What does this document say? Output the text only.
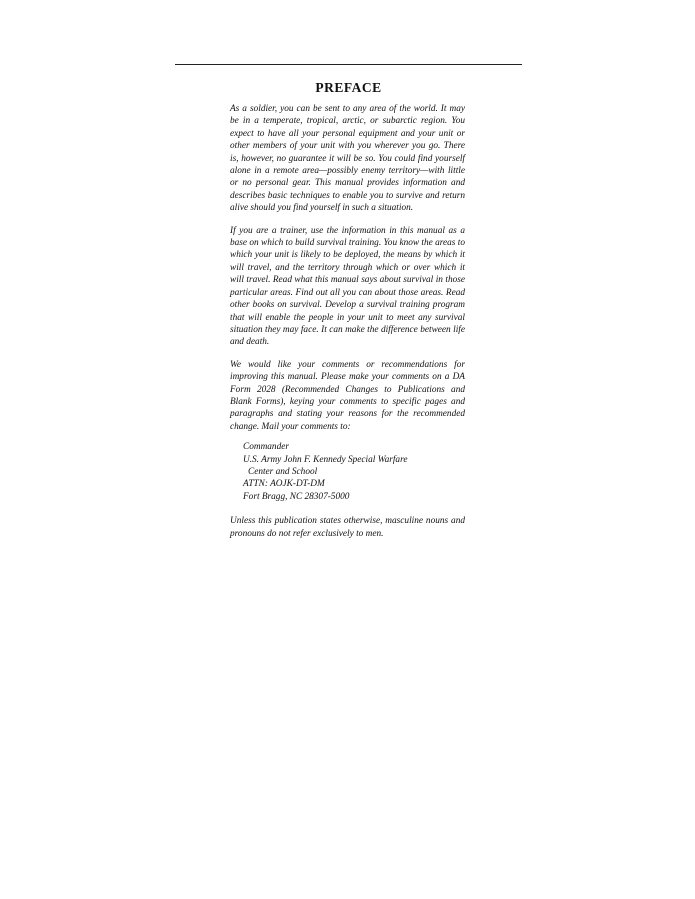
PREFACE

As a soldier, you can be sent to any area of the world. It may be in a temperate, tropical, arctic, or subarctic region. You expect to have all your personal equipment and your unit or other members of your unit with you wherever you go. There is, however, no guarantee it will be so. You could find yourself alone in a remote area—possibly enemy territory—with little or no personal gear. This manual provides information and describes basic techniques to enable you to survive and return alive should you find yourself in such a situation.

If you are a trainer, use the information in this manual as a base on which to build survival training. You know the areas to which your unit is likely to be deployed, the means by which it will travel, and the territory through which or over which it will travel. Read what this manual says about survival in those particular areas. Find out all you can about those areas. Read other books on survival. Develop a survival training program that will enable the people in your unit to meet any survival situation they may face. It can make the difference between life and death.

We would like your comments or recommendations for improving this manual. Please make your comments on a DA Form 2028 (Recommended Changes to Publications and Blank Forms), keying your comments to specific pages and paragraphs and stating your reasons for the recommended change. Mail your comments to:

Commander
U.S. Army John F. Kennedy Special Warfare
Center and School
ATTN: AOJK-DT-DM
Fort Bragg, NC 28307-5000

Unless this publication states otherwise, masculine nouns and pronouns do not refer exclusively to men.
